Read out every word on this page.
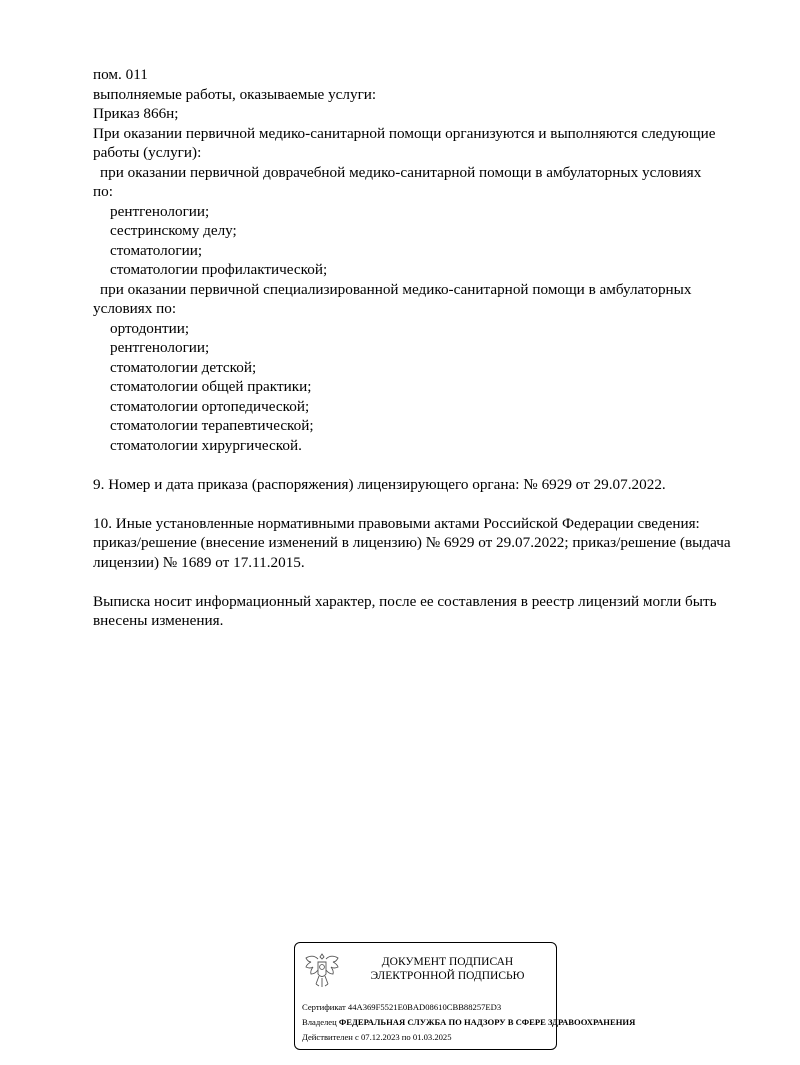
пом. 011
выполняемые работы, оказываемые услуги:
Приказ 866н;
При оказании первичной медико-санитарной помощи организуются и выполняются следующие
работы (услуги):
при оказании первичной доврачебной медико-санитарной помощи в амбулаторных условиях
по:
рентгенологии;
сестринскому делу;
стоматологии;
стоматологии профилактической;
при оказании первичной специализированной медико-санитарной помощи в амбулаторных
условиях по:
ортодонтии;
рентгенологии;
стоматологии детской;
стоматологии общей практики;
стоматологии ортопедической;
стоматологии терапевтической;
стоматологии хирургической.
9. Номер и дата приказа (распоряжения) лицензирующего органа: № 6929 от 29.07.2022.
10. Иные установленные нормативными правовыми актами Российской Федерации сведения:
приказ/решение (внесение изменений в лицензию) № 6929 от 29.07.2022; приказ/решение (выдача
лицензии) № 1689 от 17.11.2015.
Выписка носит информационный характер, после ее составления в реестр лицензий могли быть
внесены изменения.
ДОКУМЕНТ ПОДПИСАН
ЭЛЕКТРОННОЙ ПОДПИСЬЮ
Сертификат 44A369F5521E0BAD08610CBB88257ED3
Владелец ФЕДЕРАЛЬНАЯ СЛУЖБА ПО НАДЗОРУ В СФЕРЕ ЗДРАВООХРАНЕНИЯ
Действителен с 07.12.2023 по 01.03.2025
